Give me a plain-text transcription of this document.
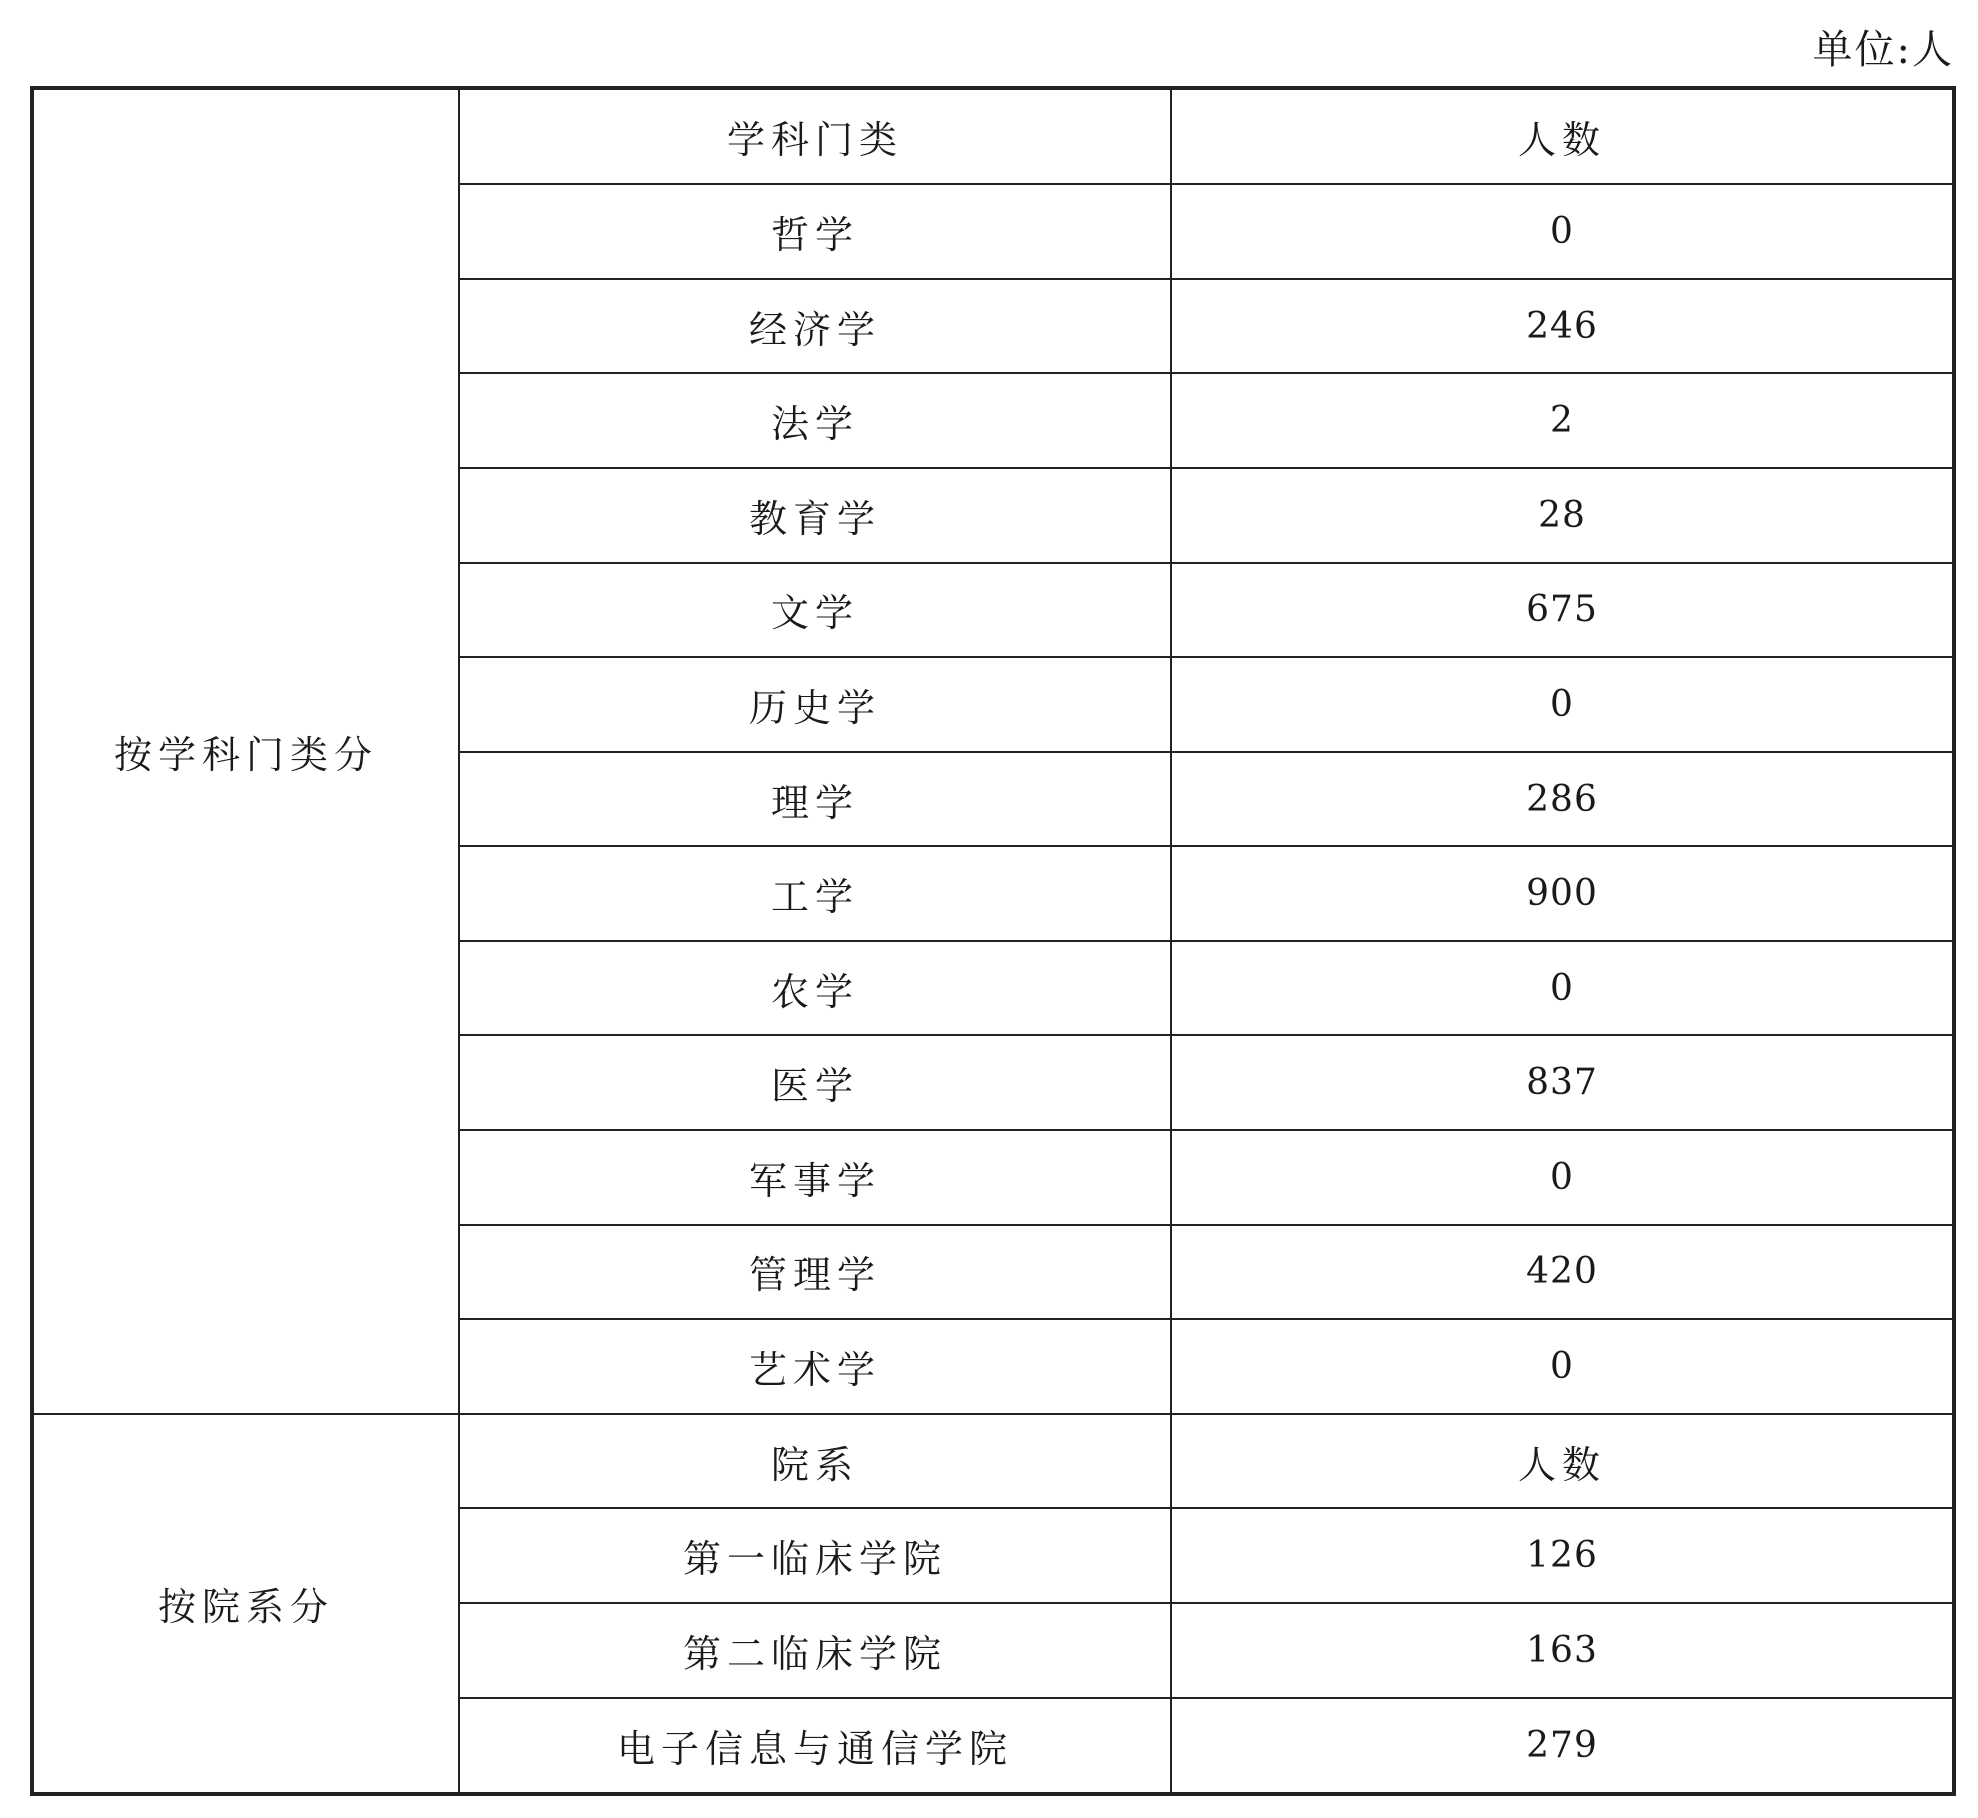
单位:人
按学科门类分	学科门类	人数
	哲学	0
	经济学	246
	法学	2
	教育学	28
	文学	675
	历史学	0
	理学	286
	工学	900
	农学	0
	医学	837
	军事学	0
	管理学	420
	艺术学	0
按院系分	院系	人数
	第一临床学院	126
	第二临床学院	163
	电子信息与通信学院	279
